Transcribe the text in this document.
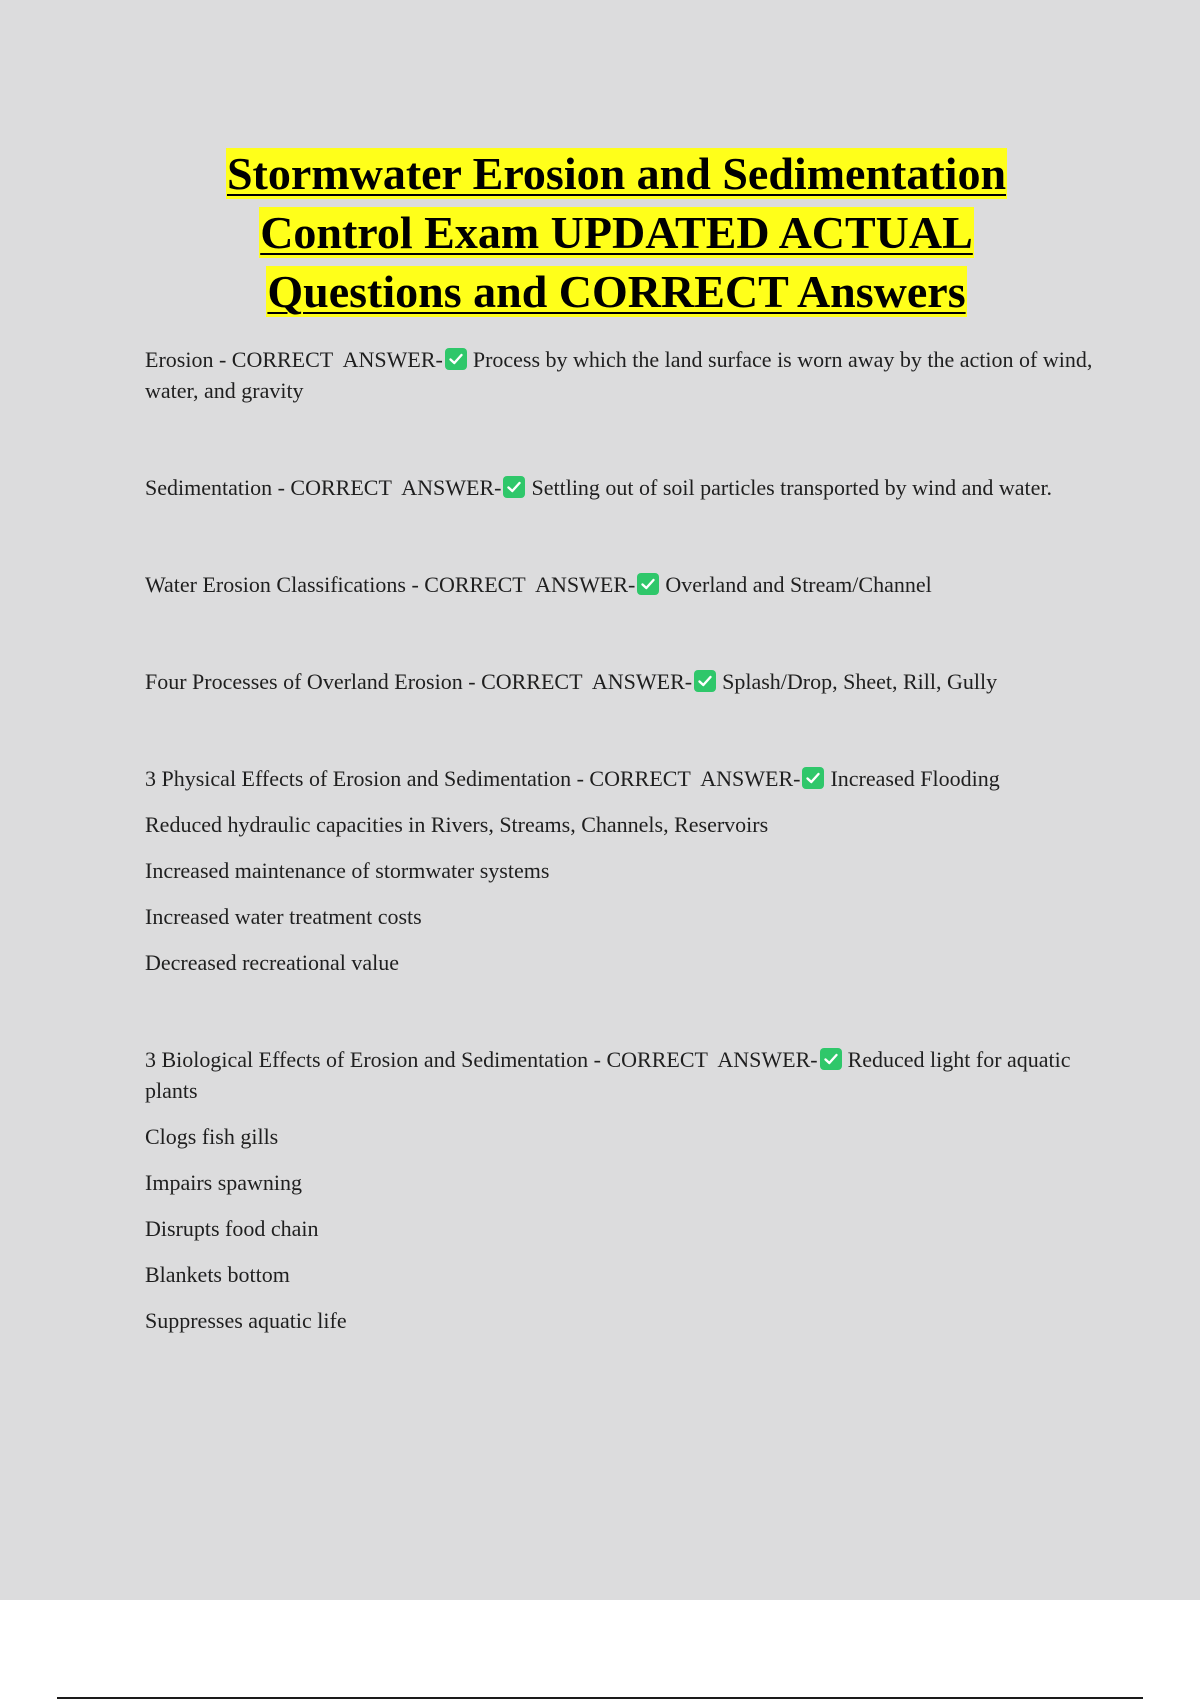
Stormwater Erosion and Sedimentation
Control Exam UPDATED ACTUAL
Questions and CORRECT Answers

Erosion - CORRECT  ANSWER- Process by which the land surface is worn away by the action of wind, water, and gravity

Sedimentation - CORRECT  ANSWER- Settling out of soil particles transported by wind and water.

Water Erosion Classifications - CORRECT  ANSWER- Overland and Stream/Channel

Four Processes of Overland Erosion - CORRECT  ANSWER- Splash/Drop, Sheet, Rill, Gully

3 Physical Effects of Erosion and Sedimentation - CORRECT  ANSWER- Increased Flooding

Reduced hydraulic capacities in Rivers, Streams, Channels, Reservoirs

Increased maintenance of stormwater systems

Increased water treatment costs

Decreased recreational value

3 Biological Effects of Erosion and Sedimentation - CORRECT  ANSWER- Reduced light for aquatic plants

Clogs fish gills

Impairs spawning

Disrupts food chain

Blankets bottom

Suppresses aquatic life
